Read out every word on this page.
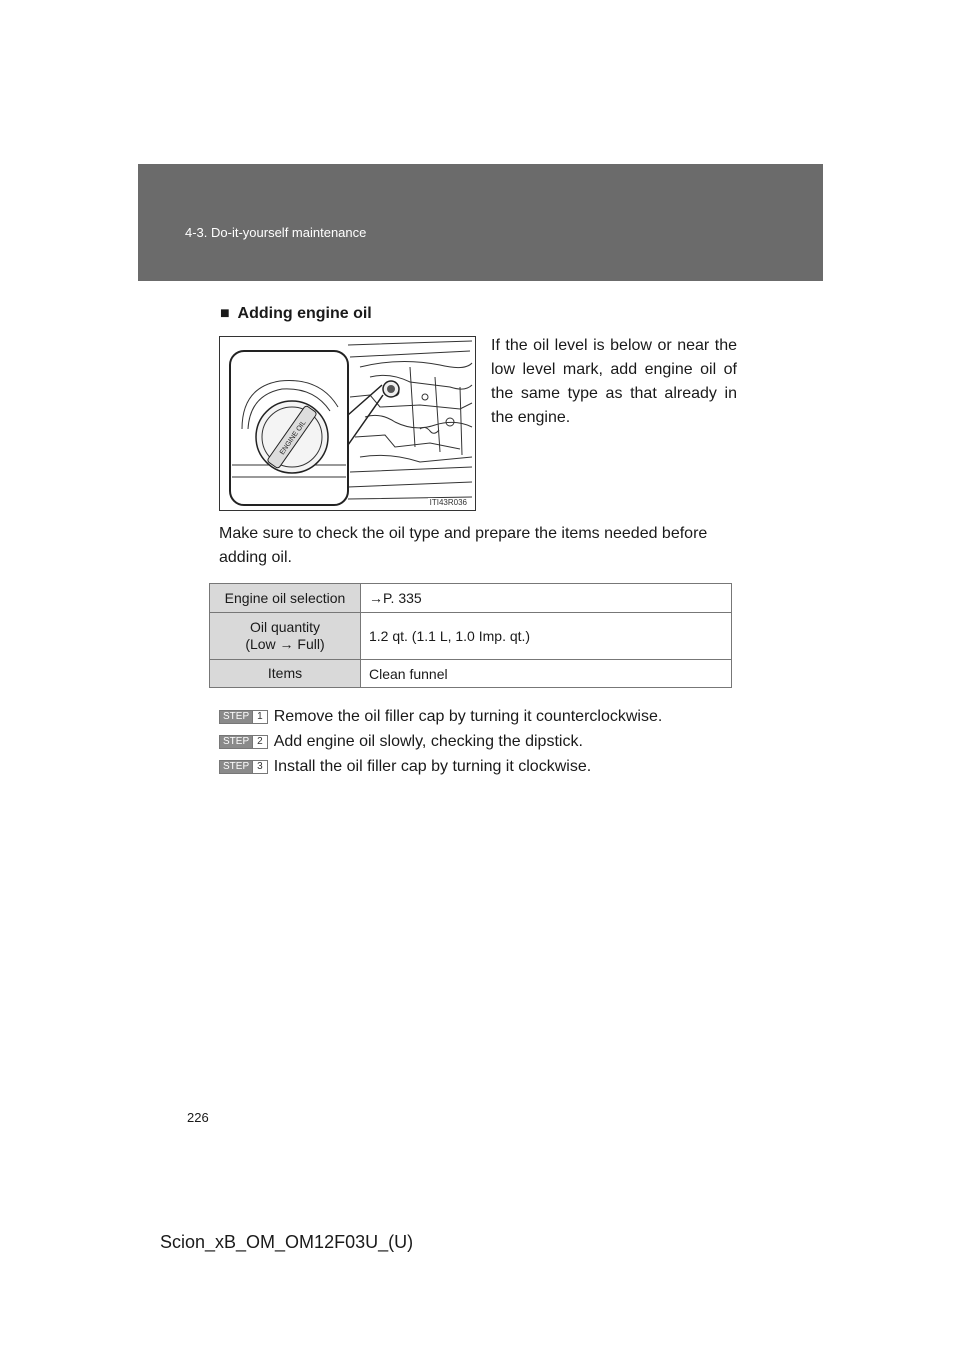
4-3. Do-it-yourself maintenance
■ Adding engine oil
ENGINE OIL
ITI43R036
If the oil level is below or near the low level mark, add engine oil of the same type as that already in the engine.
Make sure to check the oil type and prepare the items needed before adding oil.
Engine oil selection	→P. 335

Oil quantity
(Low → Full)	1.2 qt. (1.1 L, 1.0 Imp. qt.)
Items	Clean funnel
STEP 1 Remove the oil filler cap by turning it counterclockwise.
STEP 2 Add engine oil slowly, checking the dipstick.
STEP 3 Install the oil filler cap by turning it clockwise.
226
Scion_xB_OM_OM12F03U_(U)
